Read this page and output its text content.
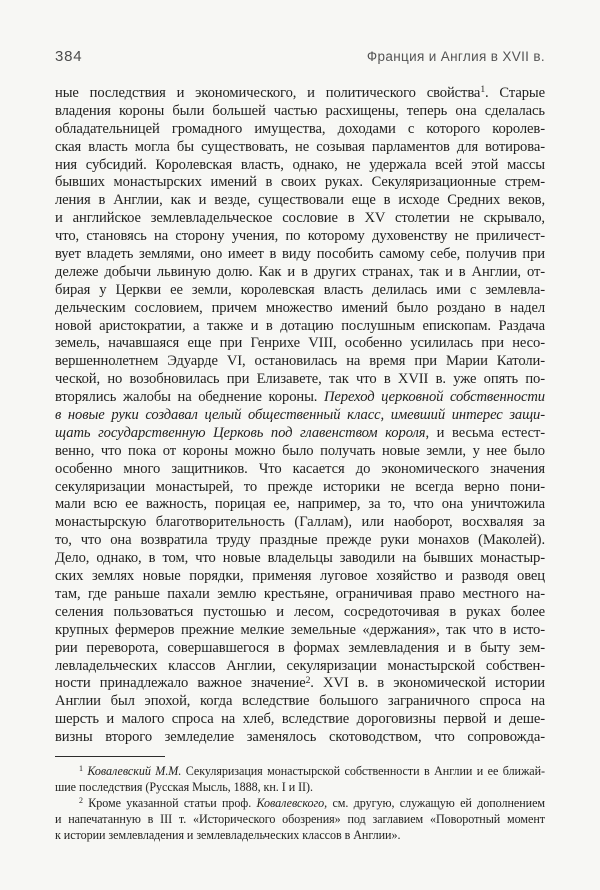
384	Франция и Англия в XVII в.
ные последствия и экономического, и политического свойства$^1$. Старые
владения короны были большей частью расхищены, теперь она сделалась
обладательницей громадного имущества, доходами с которого королев-
ская власть могла бы существовать, не созывая парламентов для вотирова-
ния субсидий. Королевская власть, однако, не удержала всей этой массы
бывших монастырских имений в своих руках. Секуляризационные стрем-
ления в Англии, как и везде, существовали еще в исходе Средних веков,
и английское землевладельческое сословие в XV столетии не скрывало,
что, становясь на сторону учения, по которому духовенству не приличест-
вует владеть землями, оно имеет в виду пособить самому себе, получив при
дележе добычи львиную долю. Как и в других странах, так и в Англии, от-
бирая у Церкви ее земли, королевская власть делилась ими с землевла-
дельческим сословием, причем множество имений было роздано в надел
новой аристократии, а также и в дотацию послушным епископам. Раздача
земель, начавшаяся еще при Генрихе VIII, особенно усилилась при несо-
вершеннолетнем Эдуарде VI, остановилась на время при Марии Католи-
ческой, но возобновилась при Елизавете, так что в XVII в. уже опять по-
вторялись жалобы на обеднение короны. Переход церковной собственности
в новые руки создавал целый общественный класс, имевший интерес защи-
щать государственную Церковь под главенством короля, и весьма естест-
венно, что пока от короны можно было получать новые земли, у нее было
особенно много защитников. Что касается до экономического значения
секуляризации монастырей, то прежде историки не всегда верно пони-
мали всю ее важность, порицая ее, например, за то, что она уничтожила
монастырскую благотворительность (Галлам), или наоборот, восхваляя за
то, что она возвратила труду праздные прежде руки монахов (Маколей).
Дело, однако, в том, что новые владельцы заводили на бывших монастыр-
ских землях новые порядки, применяя луговое хозяйство и разводя овец
там, где раньше пахали землю крестьяне, ограничивая право местного на-
селения пользоваться пустошью и лесом, сосредоточивая в руках более
крупных фермеров прежние мелкие земельные «держания», так что в исто-
рии переворота, совершавшегося в формах землевладения и в быту зем-
левладельческих классов Англии, секуляризации монастырской собствен-
ности принадлежало важное значение$^2$. XVI в. в экономической истории
Англии был эпохой, когда вследствие большого заграничного спроса на
шерсть и малого спроса на хлеб, вследствие дороговизны первой и деше-
визны второго земледелие заменялось скотоводством, что сопровожда-
$^1$ Ковалевский М.М. Секуляризация монастырской собственности в Англии и ее ближай-
шие последствия (Русская Мысль, 1888, кн. I и II).
$^2$ Кроме указанной статьи проф. Ковалевского, см. другую, служащую ей дополнением
и напечатанную в III т. «Исторического обозрения» под заглавием «Поворотный момент
к истории землевладения и землевладельческих классов в Англии».
